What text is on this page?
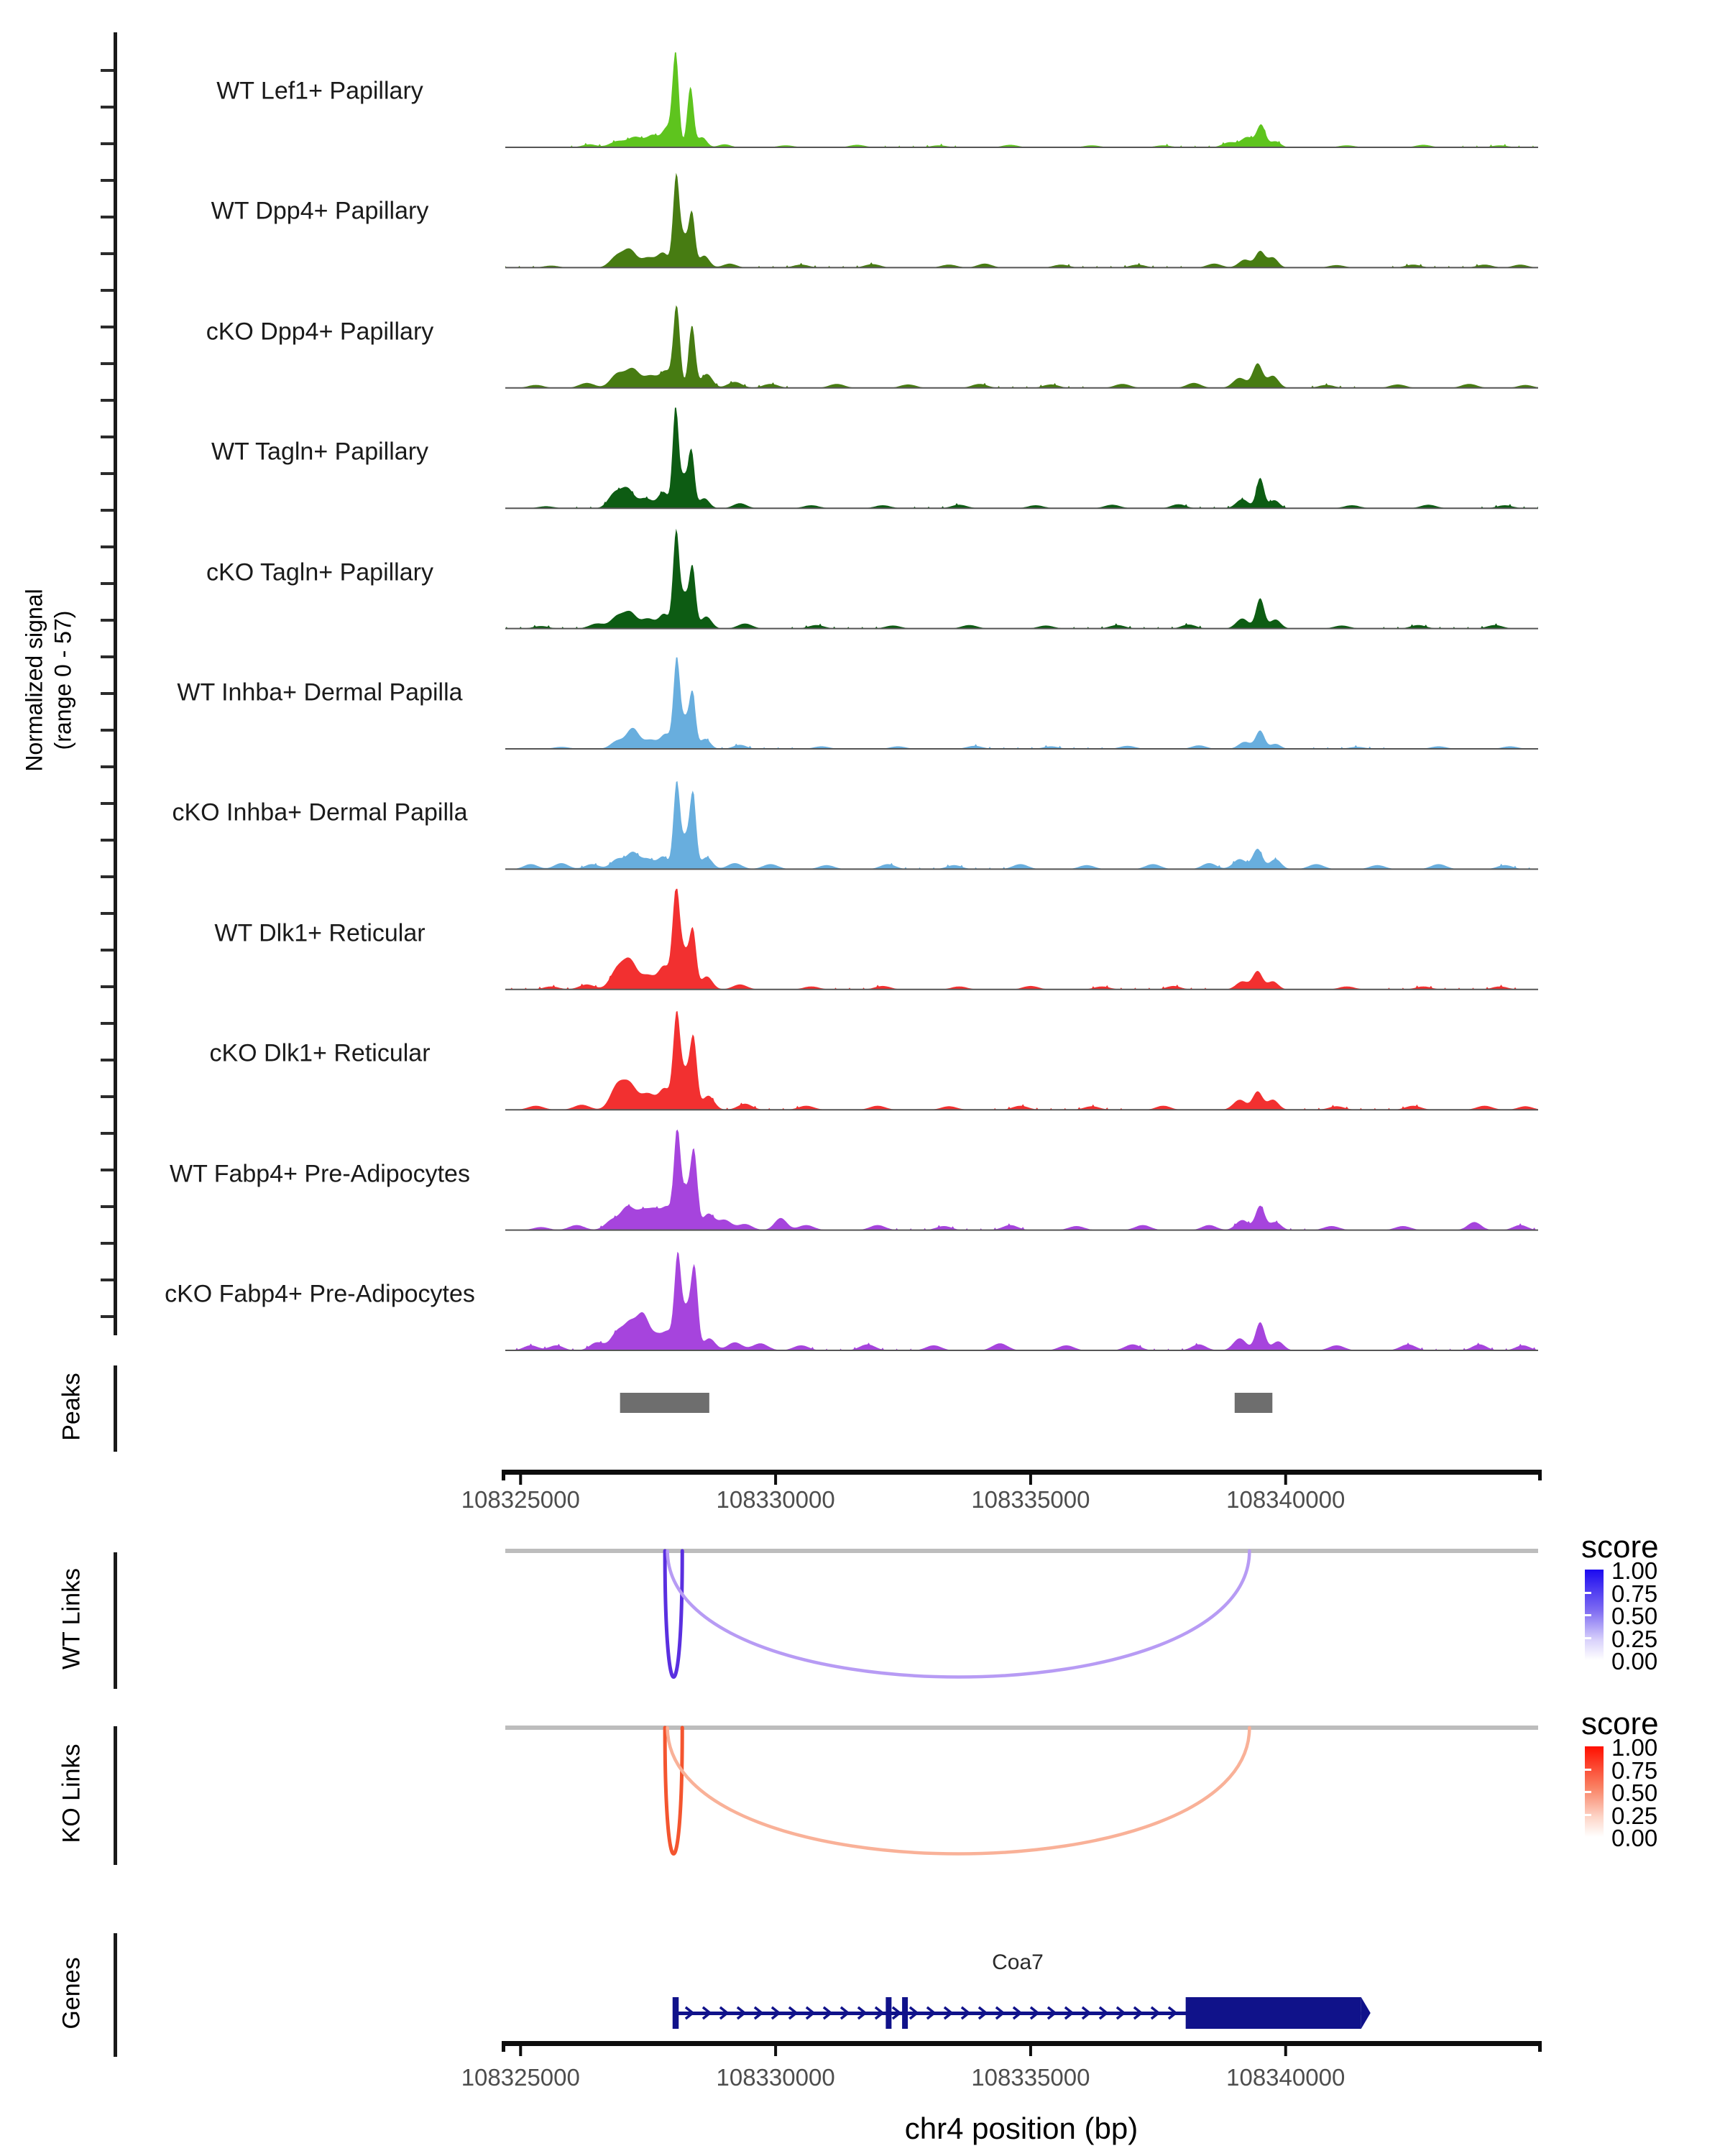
Normalized signal (range 0 - 57)
WT Lef1+ Papillary
WT Dpp4+ Papillary
cKO Dpp4+ Papillary
WT Tagln+ Papillary
cKO Tagln+ Papillary
WT Inhba+ Dermal Papilla
cKO Inhba+ Dermal Papilla
WT Dlk1+ Reticular
cKO Dlk1+ Reticular
WT Fabp4+ Pre-Adipocytes
cKO Fabp4+ Pre-Adipocytes
Peaks
WT Links
KO Links
Genes
108325000	108330000	108335000	108340000
108325000	108330000	108335000	108340000
chr4 position (bp)
score
1.00
0.75
0.50
0.25
0.00
score
1.00
0.75
0.50
0.25
0.00
Coa7
